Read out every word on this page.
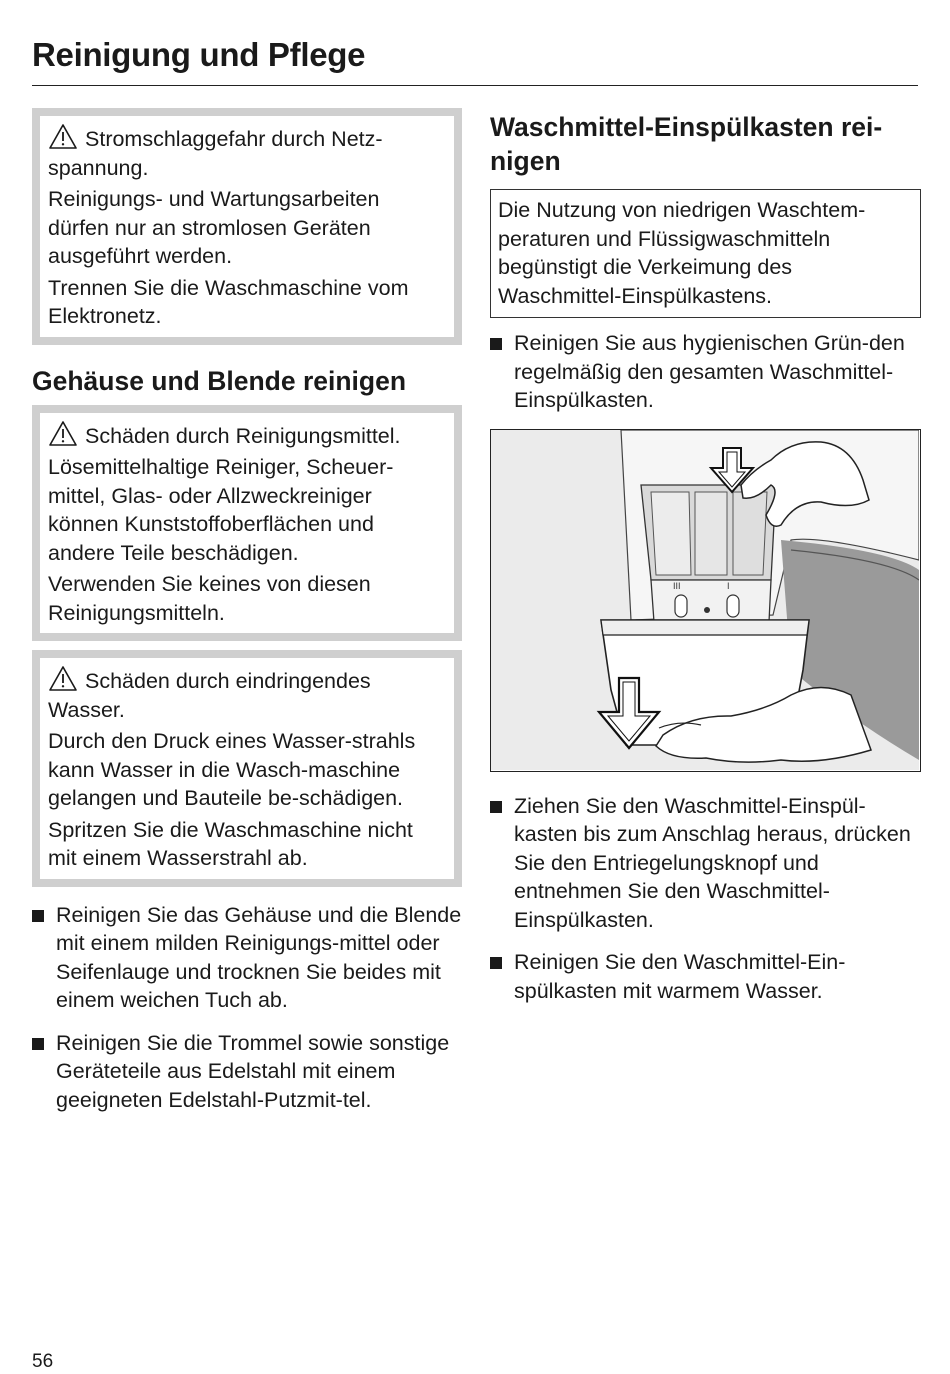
Reinigung und Pflege

Stromschlaggefahr durch Netz-spannung.

Reinigungs- und Wartungsarbeiten dürfen nur an stromlosen Geräten ausgeführt werden.

Trennen Sie die Waschmaschine vom Elektronetz.

Gehäuse und Blende reinigen

Schäden durch Reinigungsmittel.

Lösemittelhaltige Reiniger, Scheuer-mittel, Glas- oder Allzweckreiniger können Kunststoffoberflächen und andere Teile beschädigen.

Verwenden Sie keines von diesen Reinigungsmitteln.

Schäden durch eindringendes Wasser.

Durch den Druck eines Wasser-strahls kann Wasser in die Wasch-maschine gelangen und Bauteile be-schädigen.

Spritzen Sie die Waschmaschine nicht mit einem Wasserstrahl ab.

Reinigen Sie das Gehäuse und die Blende mit einem milden Reinigungs-mittel oder Seifenlauge und trocknen Sie beides mit einem weichen Tuch ab.
Reinigen Sie die Trommel sowie sonstige Geräteteile aus Edelstahl mit einem geeigneten Edelstahl-Putzmit-tel.
Waschmittel-Einspülkasten rei-nigen
Die Nutzung von niedrigen Waschtem-peraturen und Flüssigwaschmitteln begünstigt die Verkeimung des Waschmittel-Einspülkastens.
Reinigen Sie aus hygienischen Grün-den regelmäßig den gesamten Waschmittel-Einspülkasten.
III	I
Ziehen Sie den Waschmittel-Einspül-kasten bis zum Anschlag heraus, drücken Sie den Entriegelungsknopf und entnehmen Sie den Waschmittel-Einspülkasten.
Reinigen Sie den Waschmittel-Ein-spülkasten mit warmem Wasser.
56
